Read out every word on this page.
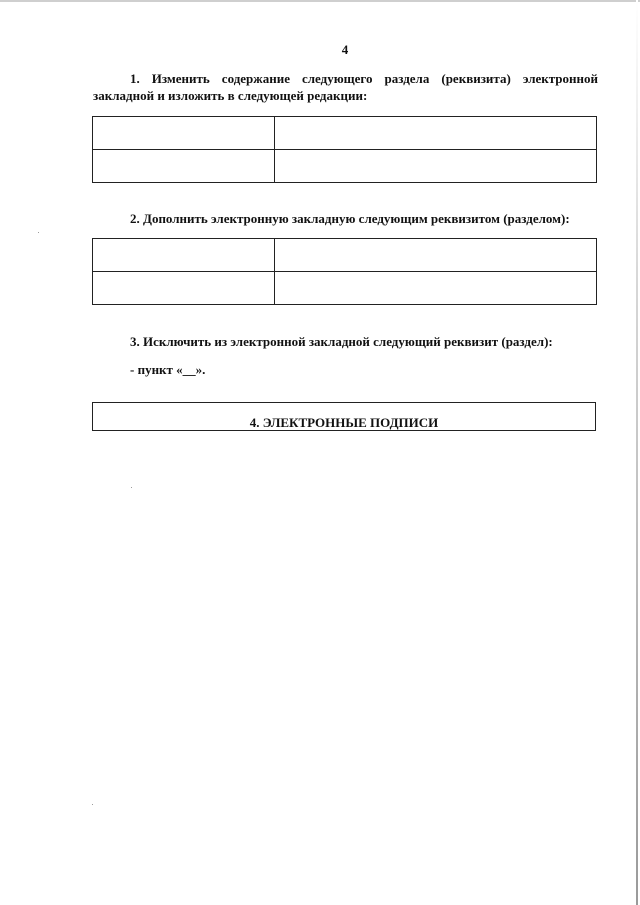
4
1. Изменить содержание следующего раздела (реквизита) электронной закладной и изложить в следующей редакции:

2. Дополнить электронную закладную следующим реквизитом (разделом):

3. Исключить из электронной закладной следующий реквизит (раздел):
- пункт «__».
4. ЭЛЕКТРОННЫЕ ПОДПИСИ
